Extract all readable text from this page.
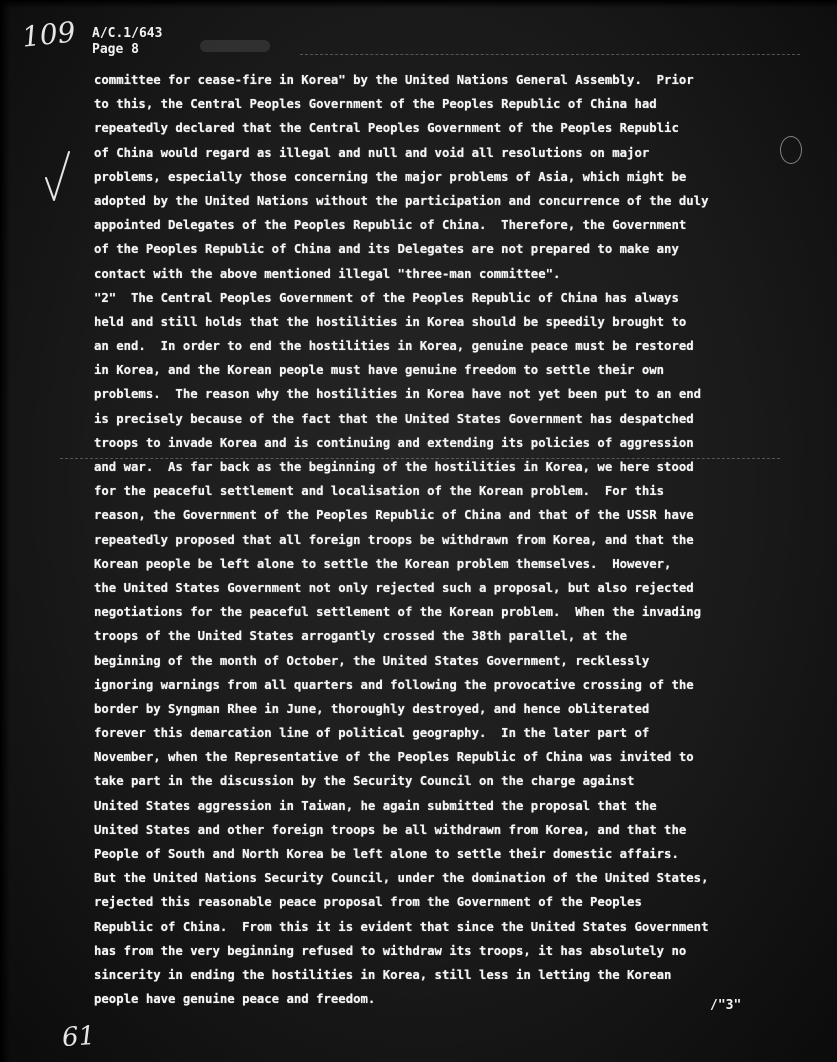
109 A/C.1/643
Page 8
committee for cease-fire in Korea" by the United Nations General Assembly.  Prior
to this, the Central Peoples Government of the Peoples Republic of China had
repeatedly declared that the Central Peoples Government of the Peoples Republic
of China would regard as illegal and null and void all resolutions on major
problems, especially those concerning the major problems of Asia, which might be
adopted by the United Nations without the participation and concurrence of the duly
appointed Delegates of the Peoples Republic of China.  Therefore, the Government
of the Peoples Republic of China and its Delegates are not prepared to make any
contact with the above mentioned illegal "three-man committee".
"2"  The Central Peoples Government of the Peoples Republic of China has always
held and still holds that the hostilities in Korea should be speedily brought to
an end.  In order to end the hostilities in Korea, genuine peace must be restored
in Korea, and the Korean people must have genuine freedom to settle their own
problems.  The reason why the hostilities in Korea have not yet been put to an end
is precisely because of the fact that the United States Government has despatched
troops to invade Korea and is continuing and extending its policies of aggression
and war.  As far back as the beginning of the hostilities in Korea, we here stood
for the peaceful settlement and localisation of the Korean problem.  For this
reason, the Government of the Peoples Republic of China and that of the USSR have
repeatedly proposed that all foreign troops be withdrawn from Korea, and that the
Korean people be left alone to settle the Korean problem themselves.  However,
the United States Government not only rejected such a proposal, but also rejected
negotiations for the peaceful settlement of the Korean problem.  When the invading
troops of the United States arrogantly crossed the 38th parallel, at the
beginning of the month of October, the United States Government, recklessly
ignoring warnings from all quarters and following the provocative crossing of the
border by Syngman Rhee in June, thoroughly destroyed, and hence obliterated
forever this demarcation line of political geography.  In the later part of
November, when the Representative of the Peoples Republic of China was invited to
take part in the discussion by the Security Council on the charge against
United States aggression in Taiwan, he again submitted the proposal that the
United States and other foreign troops be all withdrawn from Korea, and that the
People of South and North Korea be left alone to settle their domestic affairs.
But the United Nations Security Council, under the domination of the United States,
rejected this reasonable peace proposal from the Government of the Peoples
Republic of China.  From this it is evident that since the United States Government
has from the very beginning refused to withdraw its troops, it has absolutely no
sincerity in ending the hostilities in Korea, still less in letting the Korean
people have genuine peace and freedom.	/"3"
61
